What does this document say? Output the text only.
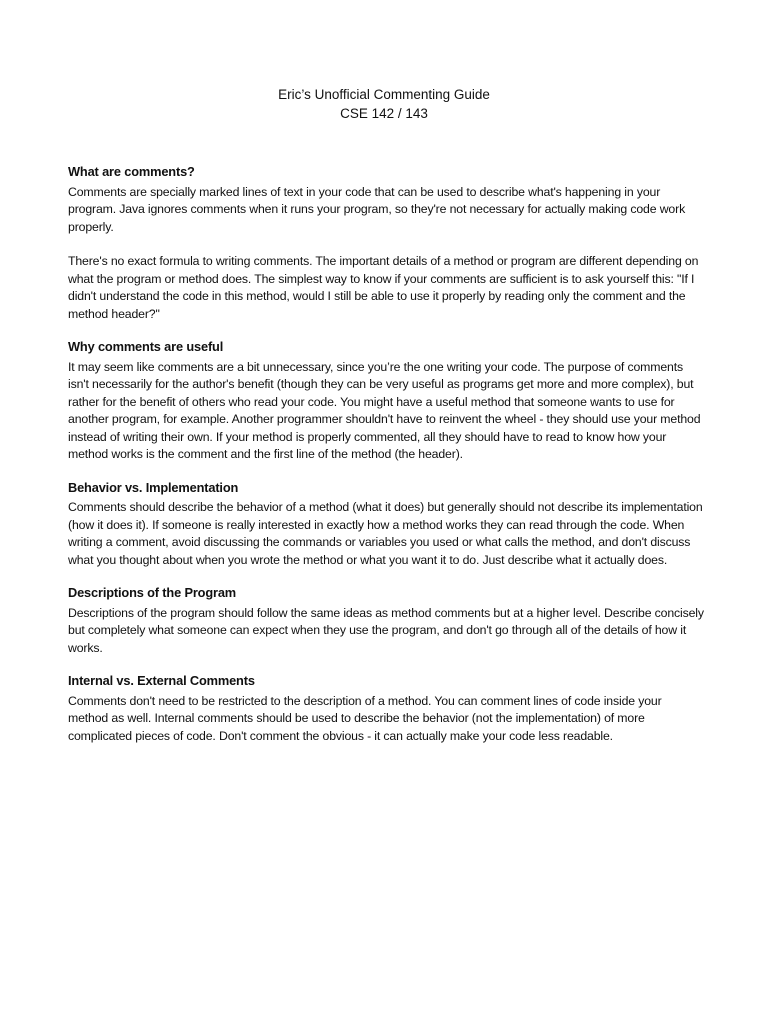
Eric’s Unofficial Commenting Guide
CSE 142 / 143
What are comments?

Comments are specially marked lines of text in your code that can be used to describe what's happening in your program. Java ignores comments when it runs your program, so they're not necessary for actually making code work properly.

There's no exact formula to writing comments. The important details of a method or program are different depending on what the program or method does. The simplest way to know if your comments are sufficient is to ask yourself this: "If I didn't understand the code in this method, would I still be able to use it properly by reading only the comment and the method header?"

Why comments are useful

It may seem like comments are a bit unnecessary, since you’re the one writing your code. The purpose of comments isn't necessarily for the author's benefit (though they can be very useful as programs get more and more complex), but rather for the benefit of others who read your code. You might have a useful method that someone wants to use for another program, for example. Another programmer shouldn't have to reinvent the wheel - they should use your method instead of writing their own. If your method is properly commented, all they should have to read to know how your method works is the comment and the first line of the method (the header).

Behavior vs. Implementation

Comments should describe the behavior of a method (what it does) but generally should not describe its implementation (how it does it). If someone is really interested in exactly how a method works they can read through the code. When writing a comment, avoid discussing the commands or variables you used or what calls the method, and don't discuss what you thought about when you wrote the method or what you want it to do. Just describe what it actually does.

Descriptions of the Program

Descriptions of the program should follow the same ideas as method comments but at a higher level. Describe concisely but completely what someone can expect when they use the program, and don't go through all of the details of how it works.

Internal vs. External Comments

Comments don't need to be restricted to the description of a method. You can comment lines of code inside your method as well. Internal comments should be used to describe the behavior (not the implementation) of more complicated pieces of code. Don't comment the obvious - it can actually make your code less readable.
